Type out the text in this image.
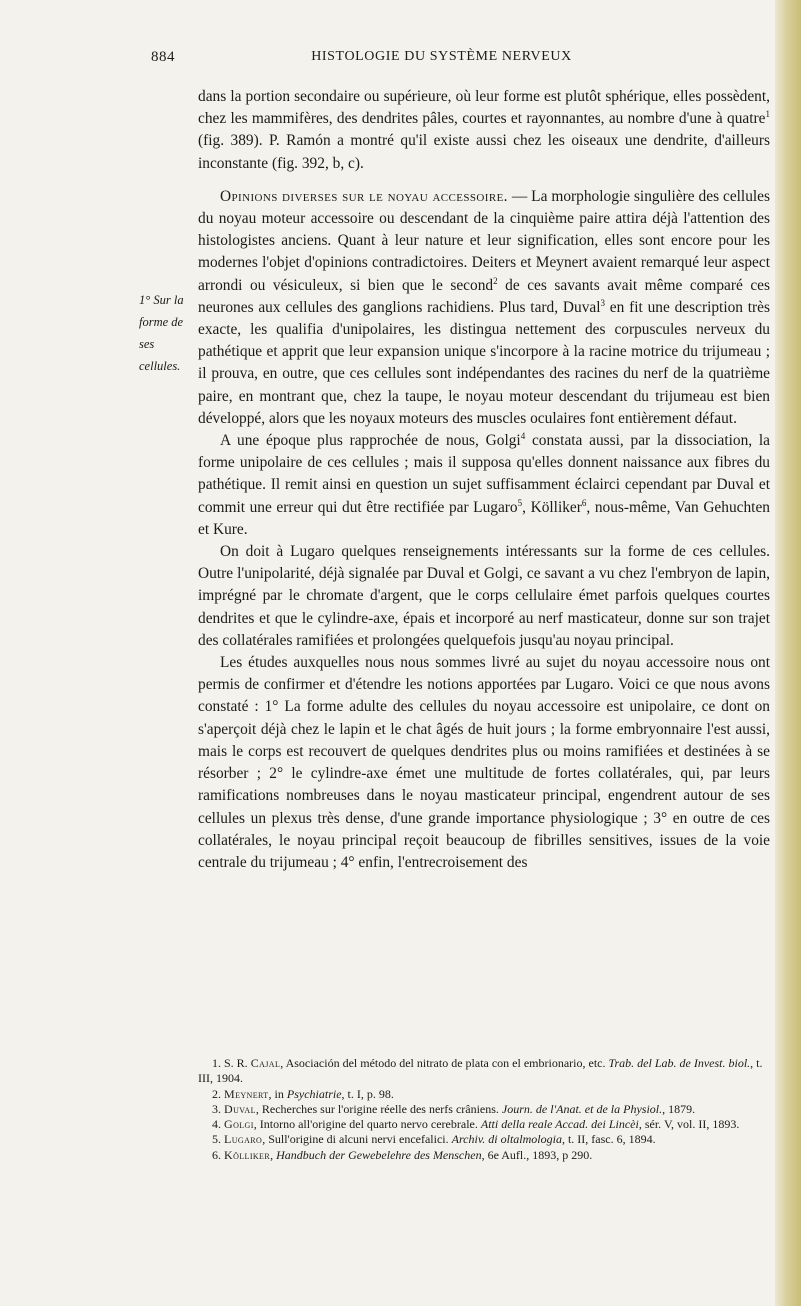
884	HISTOLOGIE DU SYSTÈME NERVEUX
1° Sur la
forme de ses
cellules.

dans la portion secondaire ou supérieure, où leur forme est plutôt sphérique, elles possèdent, chez les mammifères, des dendrites pâles, courtes et rayonnantes, au nombre d'une à quatre$^1$ (fig. 389). P. Ramón a montré qu'il existe aussi chez les oiseaux une dendrite, d'ailleurs inconstante (fig. 392, b, c).

Opinions diverses sur le noyau accessoire. — La morphologie singulière des cellules du noyau moteur accessoire ou descendant de la cinquième paire attira déjà l'attention des histologistes anciens. Quant à leur nature et leur signification, elles sont encore pour les modernes l'objet d'opinions contradictoires. Deiters et Meynert avaient remarqué leur aspect arrondi ou vésiculeux, si bien que le second$^2$ de ces savants avait même comparé ces neurones aux cellules des ganglions rachidiens. Plus tard, Duval$^3$ en fit une description très exacte, les qualifia d'unipolaires, les distingua nettement des corpuscules nerveux du pathétique et apprit que leur expansion unique s'incorpore à la racine motrice du trijumeau ; il prouva, en outre, que ces cellules sont indépendantes des racines du nerf de la quatrième paire, en montrant que, chez la taupe, le noyau moteur descendant du trijumeau est bien développé, alors que les noyaux moteurs des muscles oculaires font entièrement défaut.

A une époque plus rapprochée de nous, Golgi$^4$ constata aussi, par la dissociation, la forme unipolaire de ces cellules ; mais il supposa qu'elles donnent naissance aux fibres du pathétique. Il remit ainsi en question un sujet suffisamment éclairci cependant par Duval et commit une erreur qui dut être rectifiée par Lugaro$^5$, Kölliker$^6$, nous-même, Van Gehuchten et Kure.

On doit à Lugaro quelques renseignements intéressants sur la forme de ces cellules. Outre l'unipolarité, déjà signalée par Duval et Golgi, ce savant a vu chez l'embryon de lapin, imprégné par le chromate d'argent, que le corps cellulaire émet parfois quelques courtes dendrites et que le cylindre-axe, épais et incorporé au nerf masticateur, donne sur son trajet des collatérales ramifiées et prolongées quelquefois jusqu'au noyau principal.

Les études auxquelles nous nous sommes livré au sujet du noyau accessoire nous ont permis de confirmer et d'étendre les notions apportées par Lugaro. Voici ce que nous avons constaté : 1° La forme adulte des cellules du noyau accessoire est unipolaire, ce dont on s'aperçoit déjà chez le lapin et le chat âgés de huit jours ; la forme embryonnaire l'est aussi, mais le corps est recouvert de quelques dendrites plus ou moins ramifiées et destinées à se résorber ; 2° le cylindre-axe émet une multitude de fortes collatérales, qui, par leurs ramifications nombreuses dans le noyau masticateur principal, engendrent autour de ses cellules un plexus très dense, d'une grande importance physiologique ; 3° en outre de ces collatérales, le noyau principal reçoit beaucoup de fibrilles sensitives, issues de la voie centrale du trijumeau ; 4° enfin, l'entrecroisement des

1. S. R. Cajal, Asociación del método del nitrato de plata con el embrionario, etc. Trab. del Lab. de Invest. biol., t. III, 1904.

2. Meynert, in Psychiatrie, t. I, p. 98.

3. Duval, Recherches sur l'origine réelle des nerfs crâniens. Journ. de l'Anat. et de la Physiol., 1879.

4. Golgi, Intorno all'origine del quarto nervo cerebrale. Atti della reale Accad. dei Lincèi, sér. V, vol. II, 1893.

5. Lugaro, Sull'origine di alcuni nervi encefalici. Archiv. di oltalmologia, t. II, fasc. 6, 1894.

6. Kölliker, Handbuch der Gewebelehre des Menschen, 6e Aufl., 1893, p 290.
